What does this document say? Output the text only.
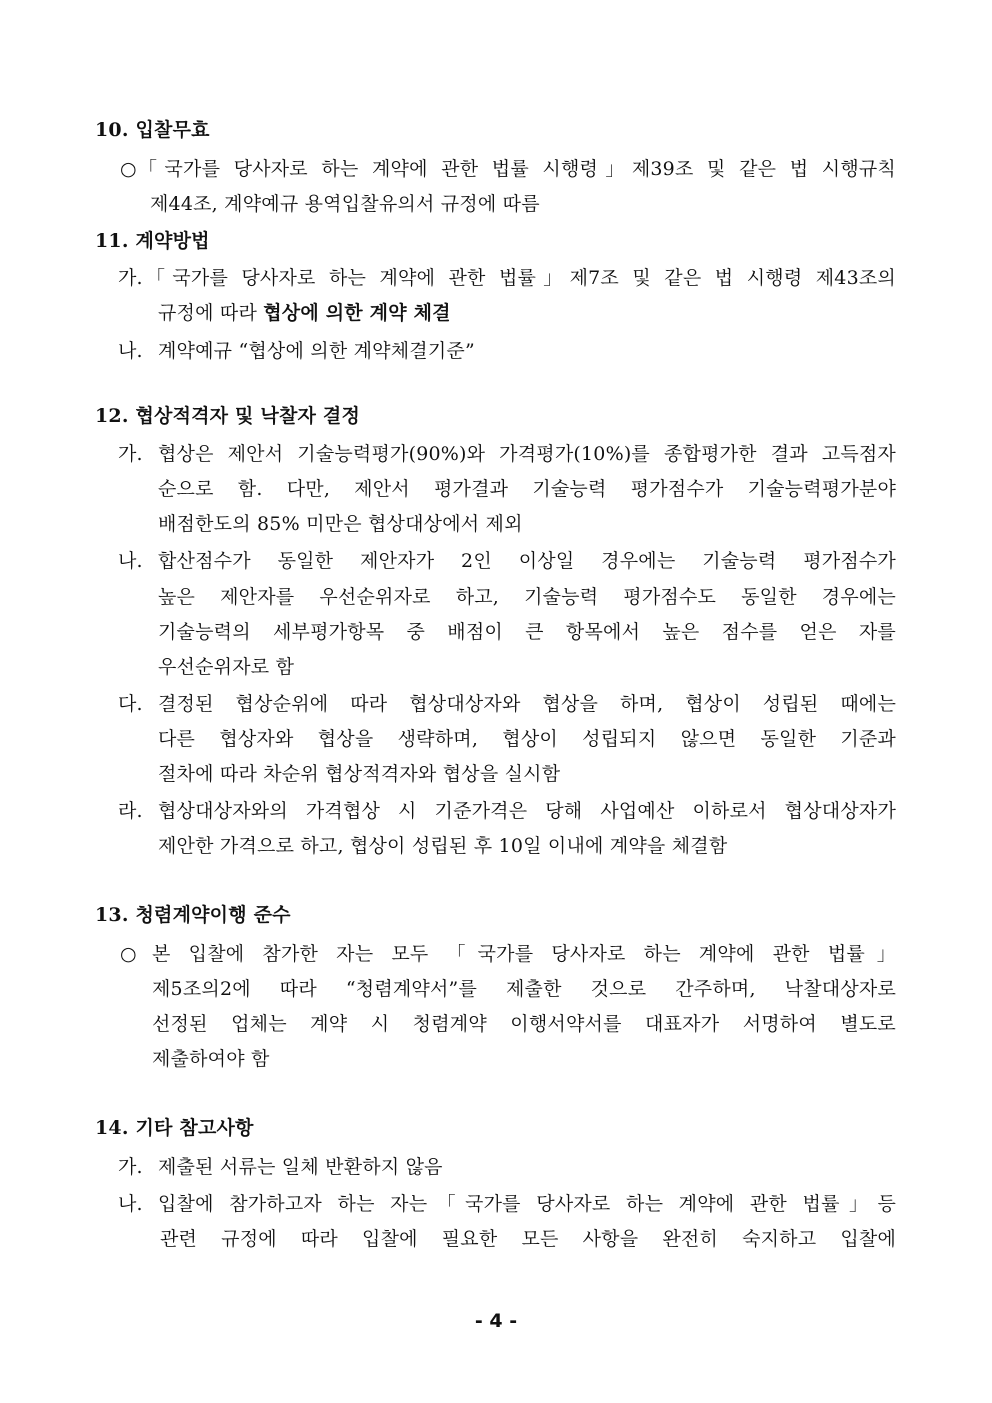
10. 입찰무효
○ 「국가를 당사자로 하는 계약에 관한 법률 시행령」제39조 및 같은 법 시행규칙
제44조, 계약예규 용역입찰유의서 규정에 따름
11. 계약방법
가. 「국가를 당사자로 하는 계약에 관한 법률」제7조 및 같은 법 시행령 제43조의
규정에 따라 협상에 의한 계약 체결
나. 계약예규 “협상에 의한 계약체결기준”
12. 협상적격자 및 낙찰자 결정
가. 협상은 제안서 기술능력평가(90%)와 가격평가(10%)를 종합평가한 결과 고득점자
순으로 함. 다만, 제안서 평가결과 기술능력 평가점수가 기술능력평가분야
배점한도의 85% 미만은 협상대상에서 제외
나. 합산점수가 동일한 제안자가 2인 이상일 경우에는 기술능력 평가점수가
높은 제안자를 우선순위자로 하고, 기술능력 평가점수도 동일한 경우에는
기술능력의 세부평가항목 중 배점이 큰 항목에서 높은 점수를 얻은 자를
우선순위자로 함
다. 결정된 협상순위에 따라 협상대상자와 협상을 하며, 협상이 성립된 때에는
다른 협상자와 협상을 생략하며, 협상이 성립되지 않으면 동일한 기준과
절차에 따라 차순위 협상적격자와 협상을 실시함
라. 협상대상자와의 가격협상 시 기준가격은 당해 사업예산 이하로서 협상대상자가
제안한 가격으로 하고, 협상이 성립된 후 10일 이내에 계약을 체결함
13. 청렴계약이행 준수
○ 본 입찰에 참가한 자는 모두 「국가를 당사자로 하는 계약에 관한 법률」
제5조의2에 따라 “청렴계약서”를 제출한 것으로 간주하며, 낙찰대상자로
선정된 업체는 계약 시 청렴계약 이행서약서를 대표자가 서명하여 별도로
제출하여야 함
14. 기타 참고사항
가. 제출된 서류는 일체 반환하지 않음
나. 입찰에 참가하고자 하는 자는「국가를 당사자로 하는 계약에 관한 법률」등
관련 규정에 따라 입찰에 필요한 모든 사항을 완전히 숙지하고 입찰에
- 4 -
